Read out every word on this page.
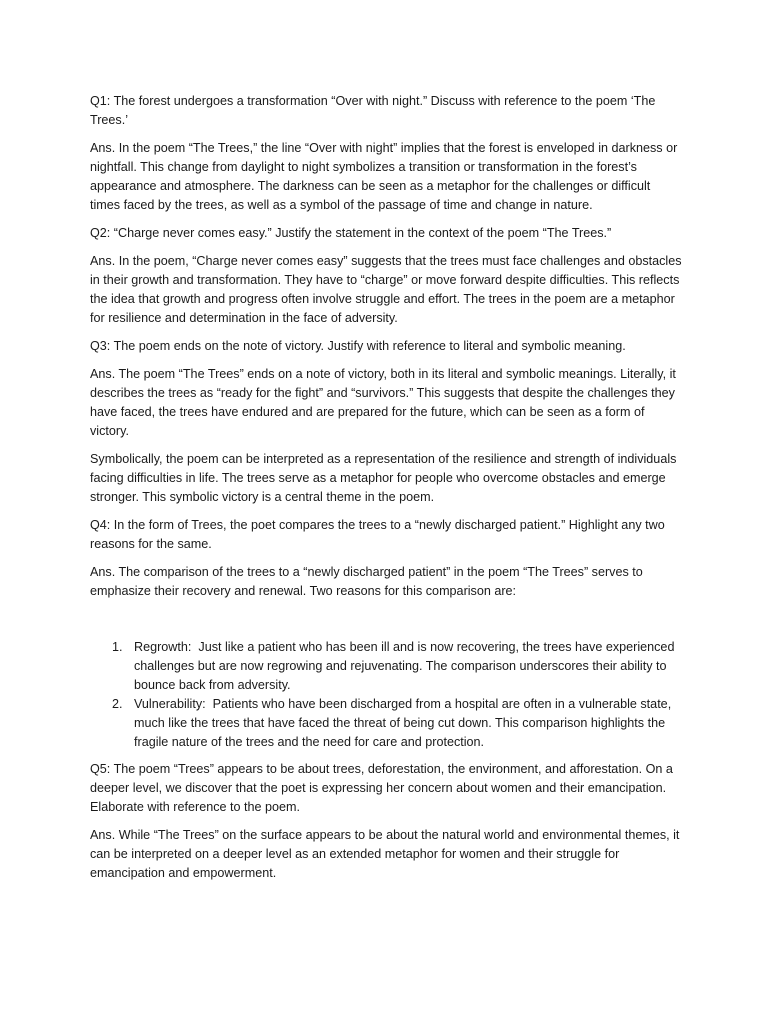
Q1: The forest undergoes a transformation “Over with night.” Discuss with reference to the poem ‘The Trees.’

Ans. In the poem “The Trees,” the line “Over with night” implies that the forest is enveloped in darkness or nightfall. This change from daylight to night symbolizes a transition or transformation in the forest’s appearance and atmosphere. The darkness can be seen as a metaphor for the challenges or difficult times faced by the trees, as well as a symbol of the passage of time and change in nature.

Q2: “Charge never comes easy.” Justify the statement in the context of the poem “The Trees.”

Ans. In the poem, “Charge never comes easy” suggests that the trees must face challenges and obstacles in their growth and transformation. They have to “charge” or move forward despite difficulties. This reflects the idea that growth and progress often involve struggle and effort. The trees in the poem are a metaphor for resilience and determination in the face of adversity.

Q3: The poem ends on the note of victory. Justify with reference to literal and symbolic meaning.

Ans. The poem “The Trees” ends on a note of victory, both in its literal and symbolic meanings. Literally, it describes the trees as “ready for the fight” and “survivors.” This suggests that despite the challenges they have faced, the trees have endured and are prepared for the future, which can be seen as a form of victory.

Symbolically, the poem can be interpreted as a representation of the resilience and strength of individuals facing difficulties in life. The trees serve as a metaphor for people who overcome obstacles and emerge stronger. This symbolic victory is a central theme in the poem.

Q4: In the form of Trees, the poet compares the trees to a “newly discharged patient.” Highlight any two reasons for the same.

Ans. The comparison of the trees to a “newly discharged patient” in the poem “The Trees” serves to emphasize their recovery and renewal. Two reasons for this comparison are:

1. Regrowth:  Just like a patient who has been ill and is now recovering, the trees have experienced challenges but are now regrowing and rejuvenating. The comparison underscores their ability to bounce back from adversity.
2. Vulnerability:  Patients who have been discharged from a hospital are often in a vulnerable state, much like the trees that have faced the threat of being cut down. This comparison highlights the fragile nature of the trees and the need for care and protection.

Q5: The poem “Trees” appears to be about trees, deforestation, the environment, and afforestation. On a deeper level, we discover that the poet is expressing her concern about women and their emancipation. Elaborate with reference to the poem.

Ans. While “The Trees” on the surface appears to be about the natural world and environmental themes, it can be interpreted on a deeper level as an extended metaphor for women and their struggle for emancipation and empowerment.
